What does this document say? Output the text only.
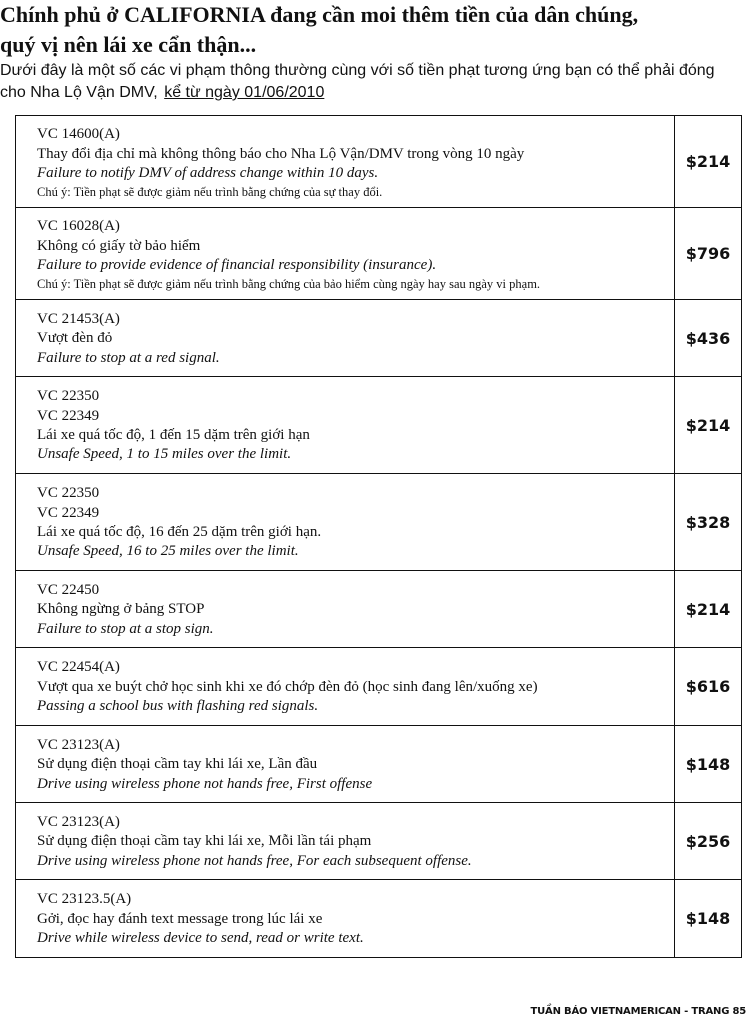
Chính phủ ở CALIFORNIA đang cần moi thêm tiền của dân chúng,
quý vị nên lái xe cẩn thận...
Dưới đây là một số các vi phạm thông thường cùng với số tiền phạt tương ứng bạn có thể phải đóng
cho Nha Lộ Vận DMV, kể từ ngày 01/06/2010
VC 14600(A)
Thay đổi địa chỉ mà không thông báo cho Nha Lộ Vận/DMV trong vòng 10 ngày
Failure to notify DMV of address change within 10 days.
Chú ý: Tiền phạt sẽ được giảm nếu trình bằng chứng của sự thay đổi.	$214

VC 16028(A)
Không có giấy tờ bảo hiểm
Failure to provide evidence of financial responsibility (insurance).
Chú ý: Tiền phạt sẽ được giảm nếu trình bằng chứng của bảo hiểm cùng ngày hay sau ngày vi phạm.	$796

VC 21453(A)
Vượt đèn đỏ
Failure to stop at a red signal.	$436

VC 22350
VC 22349
Lái xe quá tốc độ, 1 đến 15 dặm trên giới hạn
Unsafe Speed, 1 to 15 miles over the limit.	$214

VC 22350
VC 22349
Lái xe quá tốc độ, 16 đến 25 dặm trên giới hạn.
Unsafe Speed, 16 to 25 miles over the limit.	$328

VC 22450
Không ngừng ở bảng STOP
Failure to stop at a stop sign.	$214

VC 22454(A)
Vượt qua xe buýt chở học sinh khi xe đó chớp đèn đỏ (học sinh đang lên/xuống xe)
Passing a school bus with flashing red signals.	$616

VC 23123(A)
Sử dụng điện thoại cầm tay khi lái xe, Lần đầu
Drive using wireless phone not hands free, First offense	$148

VC 23123(A)
Sử dụng điện thoại cầm tay khi lái xe, Mỗi lần tái phạm
Drive using wireless phone not hands free, For each subsequent offense.	$256

VC 23123.5(A)
Gởi, đọc hay đánh text message trong lúc lái xe
Drive while wireless device to send, read or write text.	$148
TUẦN BÁO VIETNAMERICAN - TRANG 85
